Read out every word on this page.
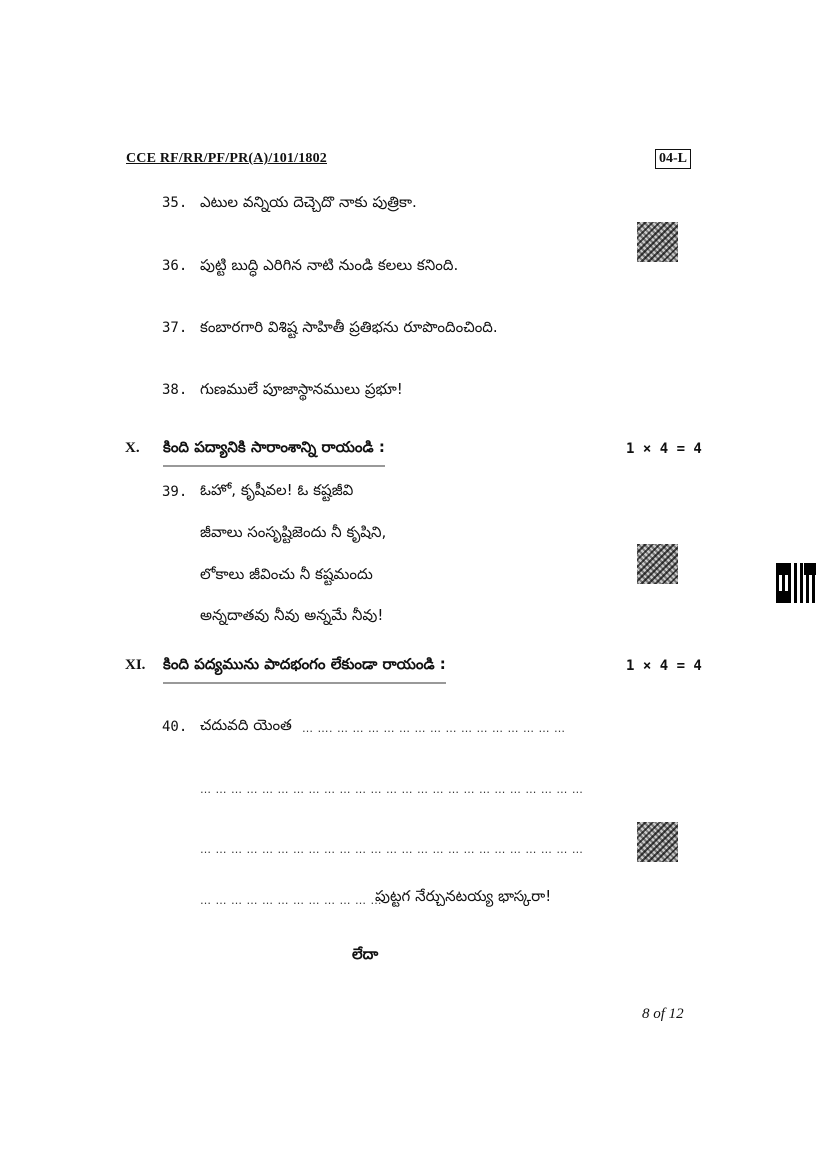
CCE RF/RR/PF/PR(A)/101/1802	04-L
35. ఎటుల వన్నియ దెచ్చెదొ నాకు పుత్రికా.
36. పుట్టి బుద్ధి ఎరిగిన నాటి నుండి కలలు కనింది.
37. కంబారగారి విశిష్ట సాహితీ ప్రతిభను రూపొందించింది.
38. గుణములే పూజాస్థానములు ప్రభూ!
X. కింది పద్యానికి సారాంశాన్ని రాయండి :	1 × 4 = 4
39. ఓహో, కృషీవల! ఓ కష్టజీవి
జీవాలు సంసృష్టిజెందు నీ కృషిని,
లోకాలు జీవించు నీ కష్టమందు
అన్నదాతవు నీవు అన్నమే నీవు!
XI. కింది పద్యమును పాదభంగం లేకుండా రాయండి :	1 × 4 = 4
40. చదువది యెంత … …. … … … … … … … … … … … … … … …
… … … … … … … … … … … … … … … … … … … … … … … … …
… … … … … … … … … … … … … … … … … … … … … … … … …
… … … … … … … … … … … …
పుట్టగ నేర్చునటయ్య భాస్కరా!
లేదా
8 of 12
